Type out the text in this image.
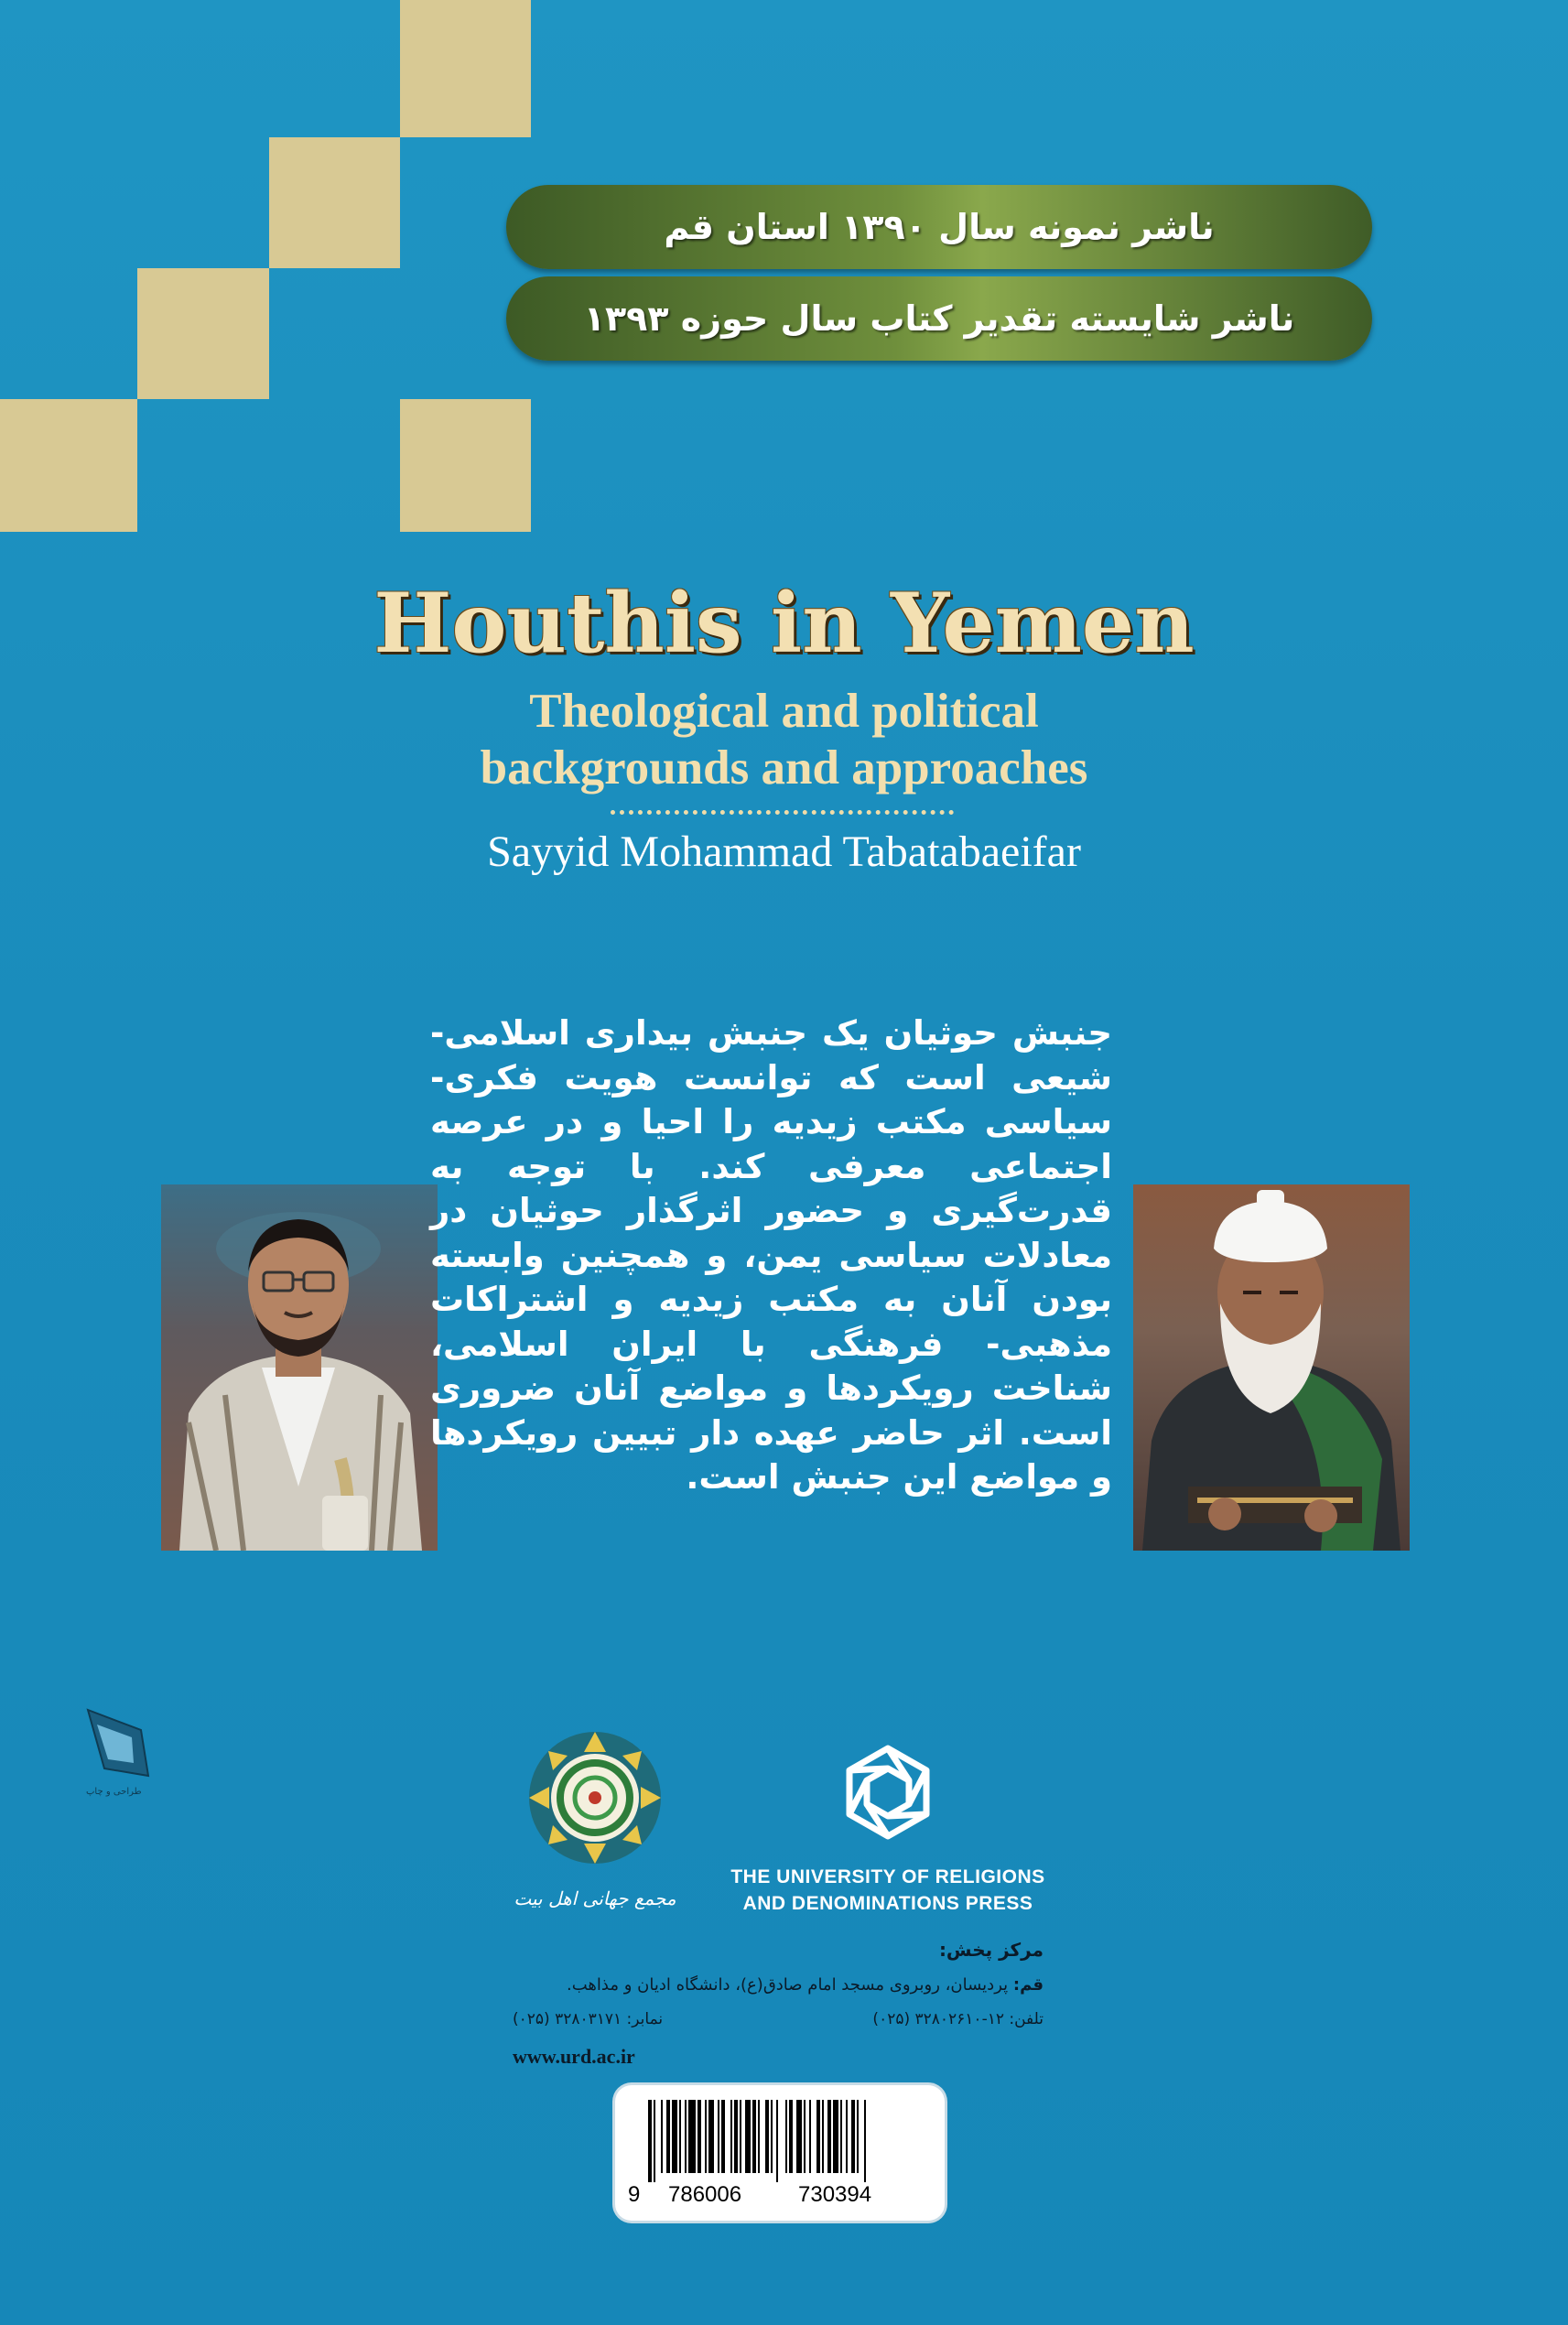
ناشر نمونه سال ۱۳۹۰ استان قم
ناشر شایسته تقدیر کتاب سال حوزه ۱۳۹۳
Houthis in Yemen
Theological and political
backgrounds and approaches
Sayyid Mohammad Tabatabaeifar
جنبش حوثیان یک جنبش بیداری اسلامی- شیعی است که توانست هویت فکری- سیاسی مکتب زیدیه را احیا و در عرصه اجتماعی معرفی کند. با توجه به قدرت‌گیری و حضور اثرگذار حوثیان در معادلات سیاسی یمن، و همچنین وابسته بودن آنان به مکتب زیدیه و اشتراکات مذهبی- فرهنگی با ایران اسلامی، شناخت رویکردها و مواضع آنان ضروری است. اثر حاضر عهده دار تبیین رویکردها و مواضع این جنبش است.
طراحی و چاپ
مجمع جهانی اهل بیت
THE UNIVERSITY OF RELIGIONS
AND DENOMINATIONS PRESS
مرکز پخش:
قم: پردیسان، روبروی مسجد امام صادق(ع)، دانشگاه ادیان و مذاهب.
تلفن: ۱۲-۳۲۸۰۲۶۱۰ (۰۲۵)
نمابر: ۳۲۸۰۳۱۷۱ (۰۲۵)
www.urd.ac.ir
9 786006	730394
